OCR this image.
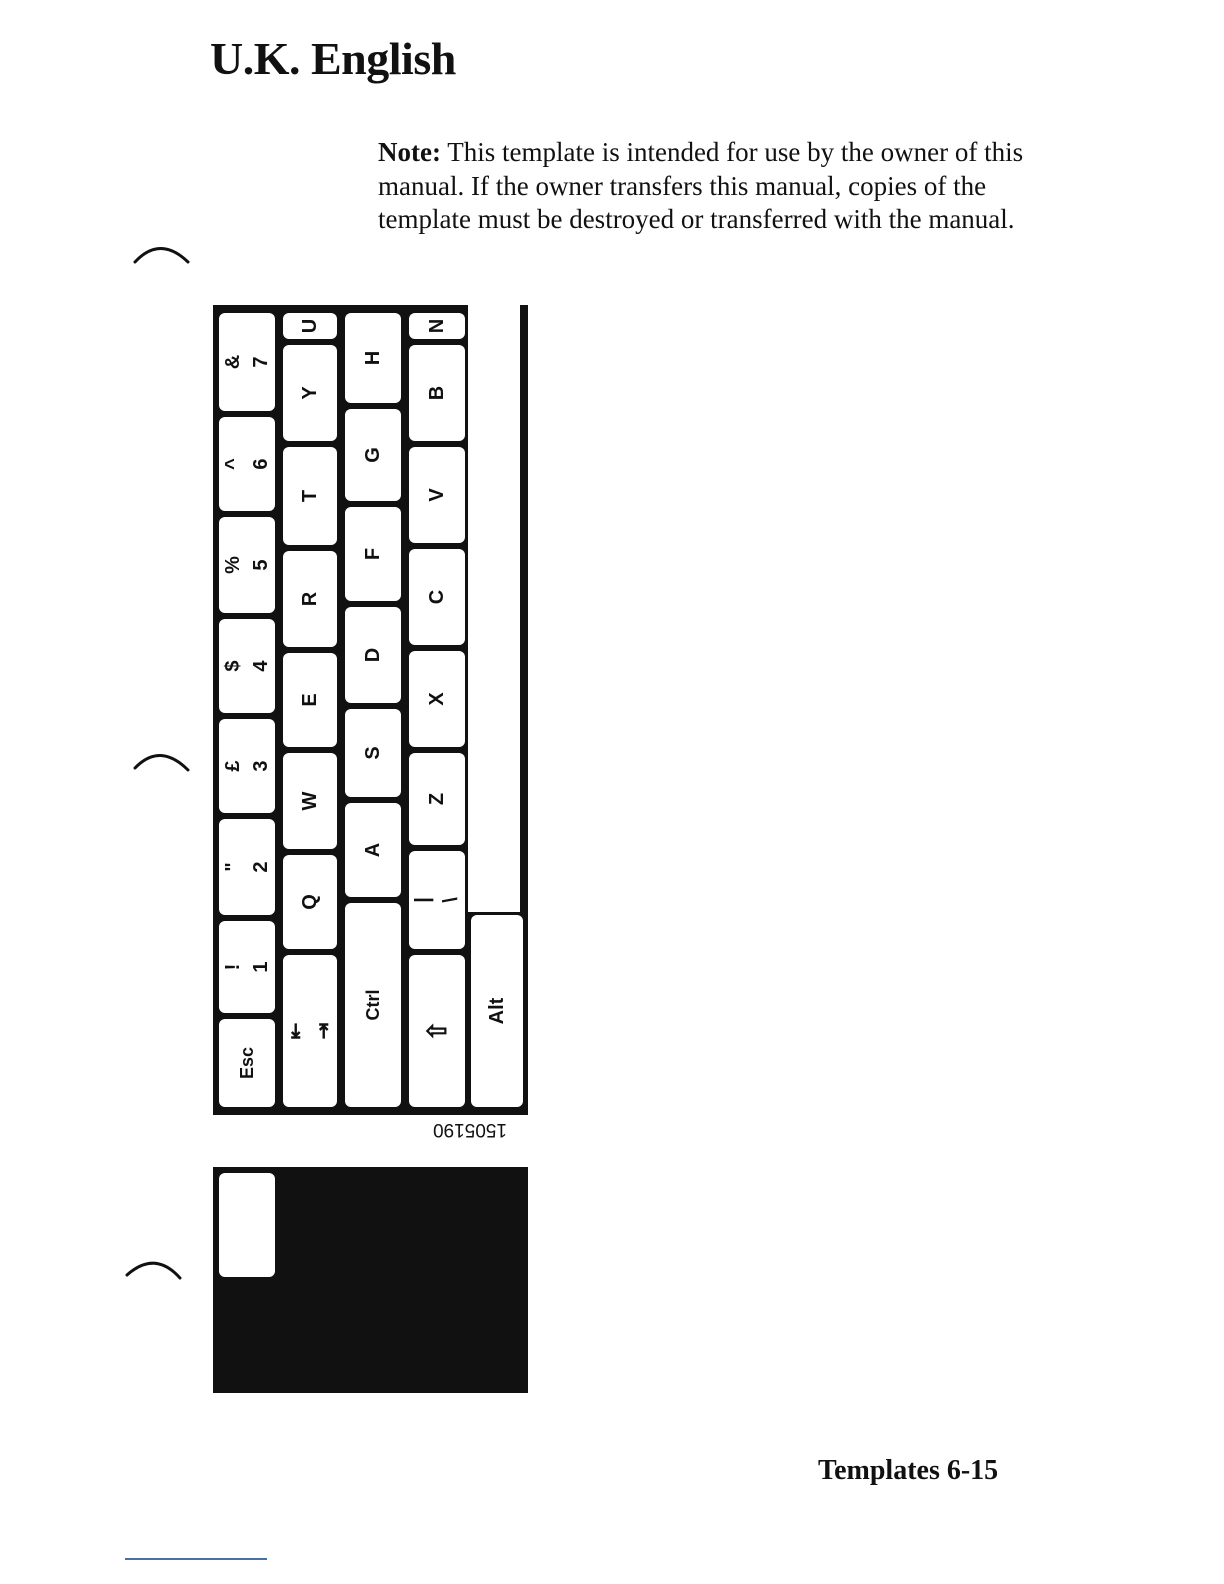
U.K. English
Note: This template is intended for use by the owner of this manual. If the owner transfers this manual, copies of the template must be destroyed or transferred with the manual.
1505190
Esc
! 1
" 2
£ 3
$ 4
% 5
^ 6
& 7
⇤ ⇥
Q
W
E
R
T
Y
U
Ctrl
A
S
D
F
G
H
⇧
| \
Z
X
C
V
B
N
Alt
Templates 6-15
